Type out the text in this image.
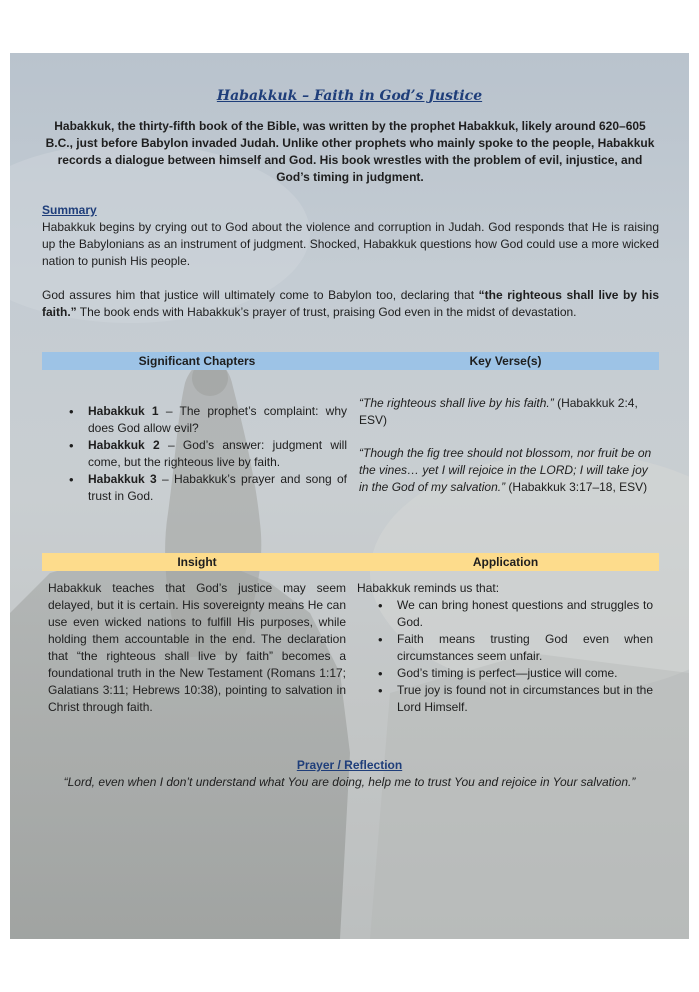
Habakkuk – Faith in God’s Justice
Habakkuk, the thirty-fifth book of the Bible, was written by the prophet Habakkuk, likely around 620–605 B.C., just before Babylon invaded Judah. Unlike other prophets who mainly spoke to the people, Habakkuk records a dialogue between himself and God. His book wrestles with the problem of evil, injustice, and God’s timing in judgment.
Summary
Habakkuk begins by crying out to God about the violence and corruption in Judah. God responds that He is raising up the Babylonians as an instrument of judgment. Shocked, Habakkuk questions how God could use a more wicked nation to punish His people.
God assures him that justice will ultimately come to Babylon too, declaring that “the righteous shall live by his faith.” The book ends with Habakkuk’s prayer of trust, praising God even in the midst of devastation.
Significant Chapters	Key Verse(s)
• Habakkuk 1 – The prophet’s complaint: why does God allow evil?
• Habakkuk 2 – God’s answer: judgment will come, but the righteous live by faith.
• Habakkuk 3 – Habakkuk’s prayer and song of trust in God.
“The righteous shall live by his faith.” (Habakkuk 2:4, ESV)
“Though the fig tree should not blossom, nor fruit be on the vines… yet I will rejoice in the LORD; I will take joy in the God of my salvation.” (Habakkuk 3:17–18, ESV)
Insight	Application
Habakkuk teaches that God’s justice may seem delayed, but it is certain. His sovereignty means He can use even wicked nations to fulfill His purposes, while holding them accountable in the end. The declaration that “the righteous shall live by faith” becomes a foundational truth in the New Testament (Romans 1:17; Galatians 3:11; Hebrews 10:38), pointing to salvation in Christ through faith.
Habakkuk reminds us that:
• We can bring honest questions and struggles to God.
• Faith means trusting God even when circumstances seem unfair.
• God’s timing is perfect—justice will come.
• True joy is found not in circumstances but in the Lord Himself.
Prayer / Reflection
“Lord, even when I don’t understand what You are doing, help me to trust You and rejoice in Your salvation.”
